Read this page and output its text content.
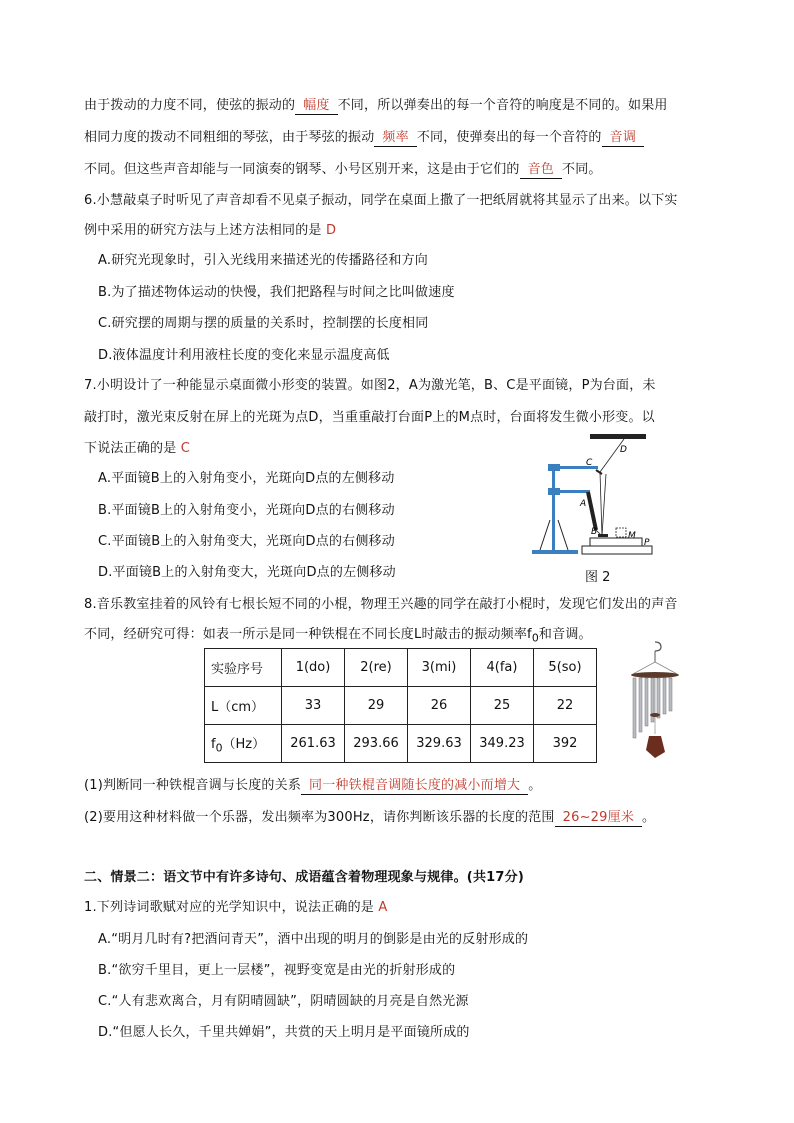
由于拨动的力度不同，使弦的振动的 幅度 不同，所以弹奏出的每一个音符的响度是不同的。如果用
相同力度的拨动不同粗细的琴弦，由于琴弦的振动 频率 不同，使弹奏出的每一个音符的 音调
不同。但这些声音却能与一同演奏的钢琴、小号区别开来，这是由于它们的 音色 不同。
6.小慧敲桌子时听见了声音却看不见桌子振动，同学在桌面上撒了一把纸屑就将其显示了出来。以下实
例中采用的研究方法与上述方法相同的是 D
A.研究光现象时，引入光线用来描述光的传播路径和方向
B.为了描述物体运动的快慢，我们把路程与时间之比叫做速度
C.研究摆的周期与摆的质量的关系时，控制摆的长度相同
D.液体温度计利用液柱长度的变化来显示温度高低
7.小明设计了一种能显示桌面微小形变的装置。如图2，A为激光笔，B、C是平面镜，P为台面，未
敲打时，激光束反射在屏上的光斑为点D，当重重敲打台面P上的M点时，台面将发生微小形变。以
下说法正确的是 C
A.平面镜B上的入射角变小，光斑向D点的左侧移动
B.平面镜B上的入射角变小，光斑向D点的右侧移动
C.平面镜B上的入射角变大，光斑向D点的右侧移动
D.平面镜B上的入射角变大，光斑向D点的左侧移动
C
D
A
B	M
P
图 2
8.音乐教室挂着的风铃有七根长短不同的小棍，物理王兴趣的同学在敲打小棍时，发现它们发出的声音
不同，经研究可得：如表一所示是同一种铁棍在不同长度L时敲击的振动频率$f_0$和音调。
实验序号	1(do)	2(re)	3(mi)	4(fa)	5(so)
L（cm）	33	29	26	25	22
$f_0(Hz)$	261.63	293.66	329.63	349.23	392
(1)判断同一种铁棍音调与长度的关系 同一种铁棍音调随长度的减小而增大 。
(2)要用这种材料做一个乐器，发出频率为300Hz，请你判断该乐器的长度的范围 26~29厘米 。
二、情景二：语文节中有许多诗句、成语蕴含着物理现象与规律。(共17分)
1.下列诗词歌赋对应的光学知识中，说法正确的是 A
A.“明月几时有?把酒问青天”，酒中出现的明月的倒影是由光的反射形成的
B.“欲穷千里目，更上一层楼”，视野变宽是由光的折射形成的
C.“人有悲欢离合，月有阴晴圆缺”，阴晴圆缺的月亮是自然光源
D.“但愿人长久，千里共婵娟”，共赏的天上明月是平面镜所成的
